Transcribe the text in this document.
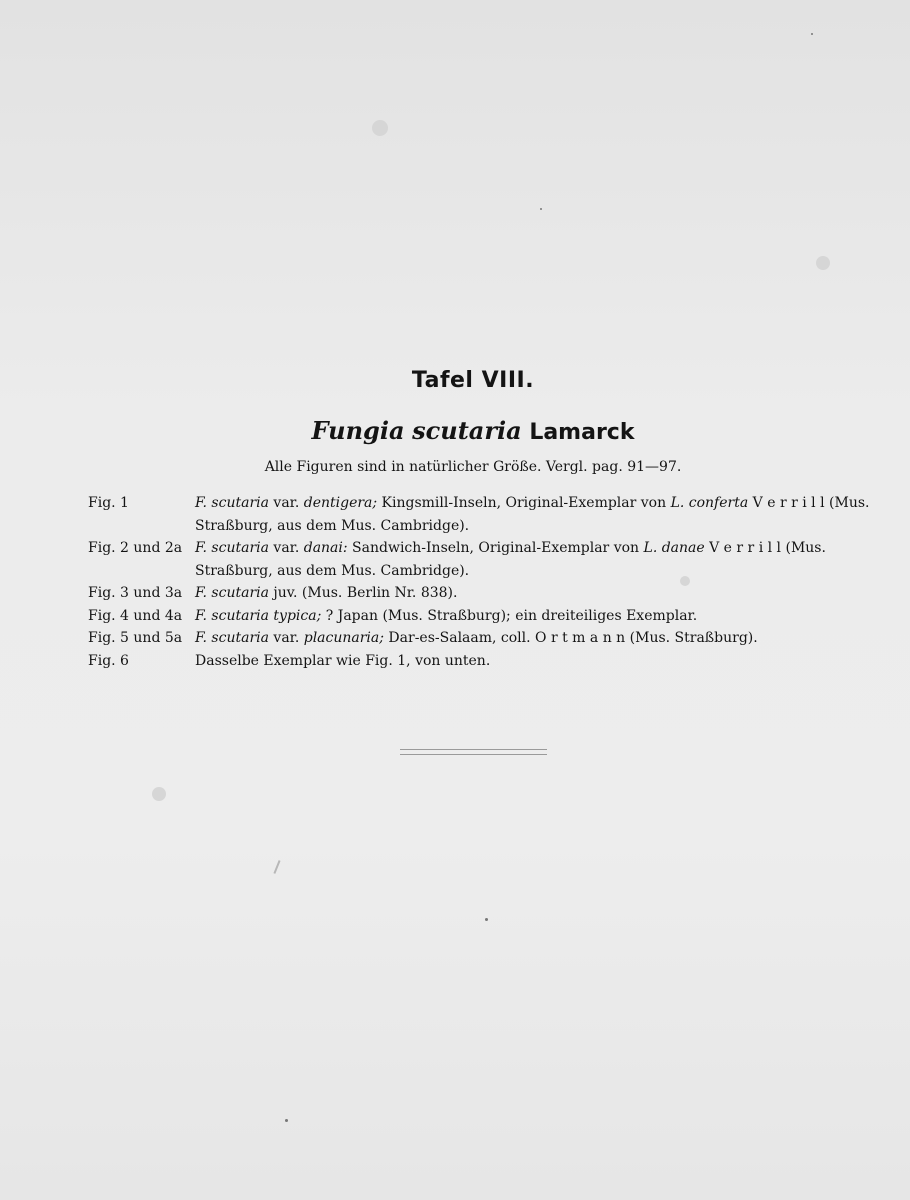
Tafel VIII.
Fungia scutaria Lamarck
Alle Figuren sind in natürlicher Größe. Vergl. pag. 91—97.
Fig. 1	F. scutaria var. dentigera; Kingsmill-Inseln, Original-Exemplar von L. conferta V e r r i l l (Mus. Straßburg, aus dem Mus. Cambridge).
Fig. 2 und 2a F. scutaria var. danai: Sandwich-Inseln, Original-Exemplar von L. danae V e r r i l l (Mus. Straßburg, aus dem Mus. Cambridge).
Fig. 3 und 3a F. scutaria juv. (Mus. Berlin Nr. 838).
Fig. 4 und 4a F. scutaria typica; ? Japan (Mus. Straßburg); ein dreiteiliges Exemplar.
Fig. 5 und 5a F. scutaria var. placunaria; Dar-es-Salaam, coll. O r t m a n n (Mus. Straßburg).
Fig. 6	Dasselbe Exemplar wie Fig. 1, von unten.
